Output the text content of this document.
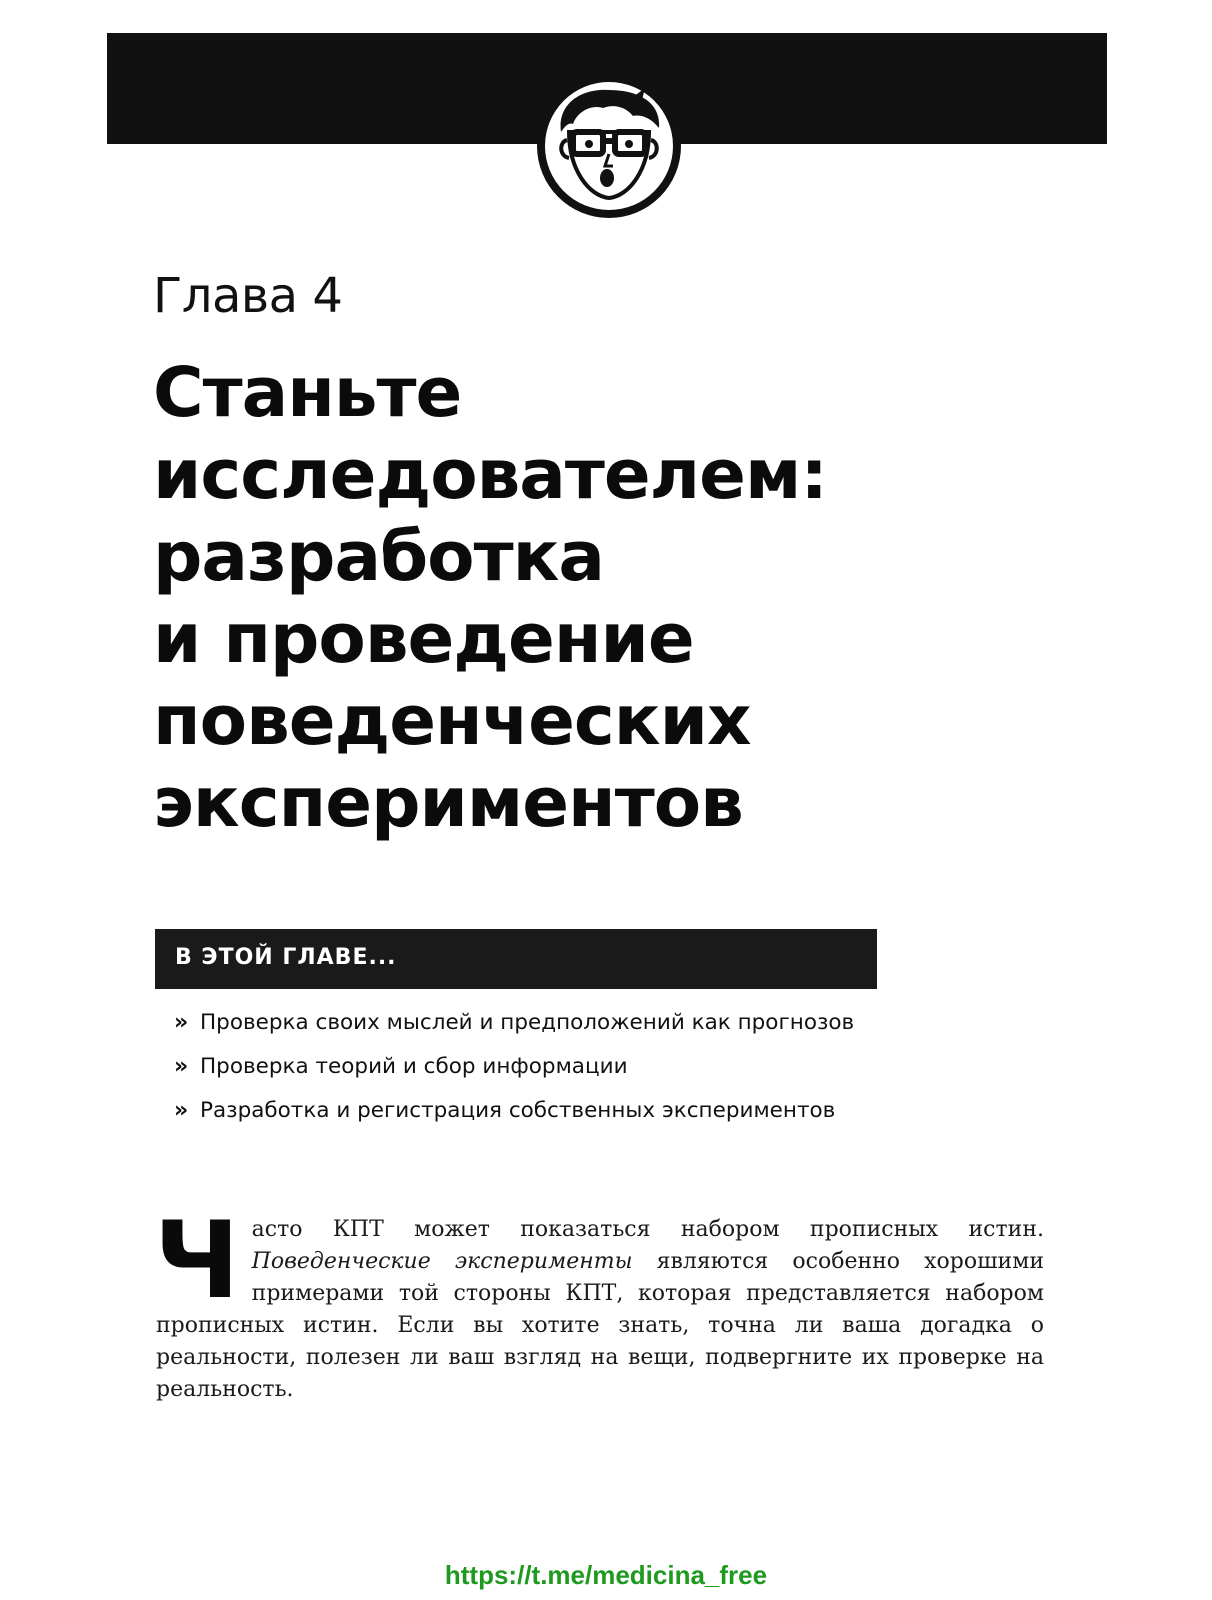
Глава 4
Станьте
исследователем:
разработка
и проведение
поведенческих
экспериментов
В ЭТОЙ ГЛАВЕ...
» Проверка своих мыслей и предположений как прогнозов
» Проверка теорий и сбор информации
» Разработка и регистрация собственных экспериментов
Ч асто КПТ может показаться набором прописных истин. Поведенческие эксперименты являются особенно хорошими примерами той стороны КПТ, которая представляется набором прописных истин. Если вы хотите знать, точна ли ваша догадка о реальности, полезен ли ваш взгляд на вещи, подвергните их проверке на реальность.
https://t.me/medicina_free
